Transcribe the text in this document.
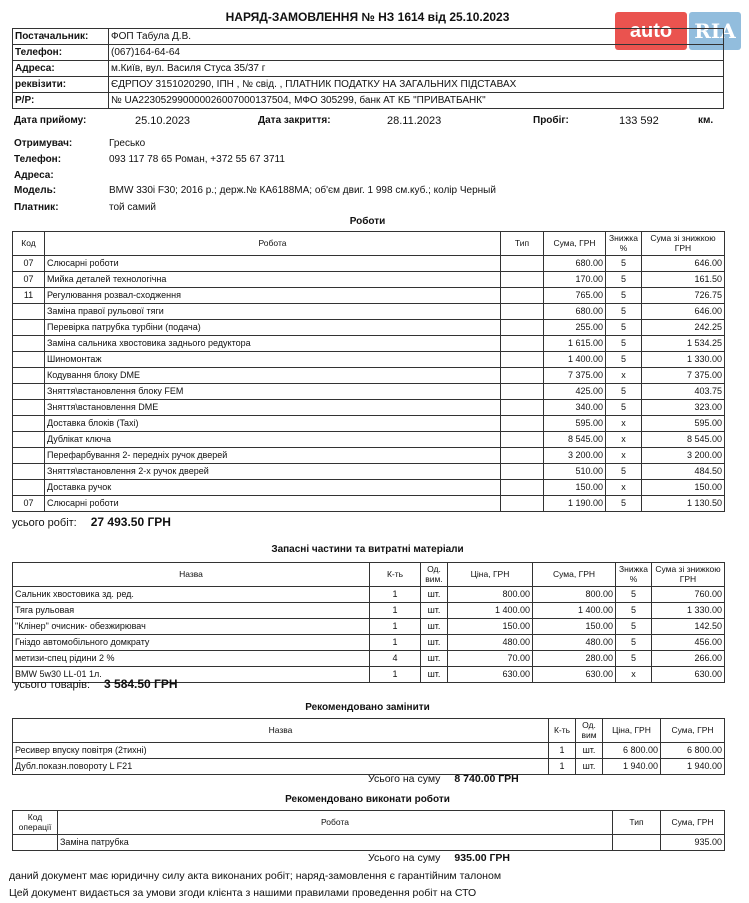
auto	RIA
НАРЯД-ЗАМОВЛЕННЯ № НЗ 1614 від 25.10.2023
Постачальник:	ФОП Табула Д.В.
Телефон:	(067)164-64-64
Адреса:	м.Київ, вул. Василя Стуса 35/37 г
реквізити:	ЄДРПОУ 3151020290, ІПН , № свід. , ПЛАТНИК ПОДАТКУ НА ЗАГАЛЬНИХ ПІДСТАВАХ
Р/Р:	№ UA223052990000026007000137504, МФО 305299, банк АТ КБ "ПРИВАТБАНК"
Дата прийому:	25.10.2023	Дата закриття:	28.11.2023	Пробіг:	133 592	км.
Отримувач:	Гресько
Телефон:	093 117 78 65 Роман, +372 55 67 3711
Адреса:
Модель:	BMW 330i F30; 2016 р.; держ.№ КА6188МА; об'єм двиг. 1 998 см.куб.; колір Черный
Платник:	той самий
Роботи
Код	Робота	Тип	Сума, ГРН	Знижка %	Сума зі знижкою ГРН
07	Слюсарні роботи		680.00	5	646.00
07	Мийка деталей технологічна		170.00	5	161.50
11	Регулювання розвал-сходження		765.00	5	726.75
	Заміна правої рульової тяги		680.00	5	646.00
	Перевірка патрубка турбіни (подача)		255.00	5	242.25
	Заміна сальника хвостовика заднього редуктора		1 615.00	5	1 534.25
	Шиномонтаж		1 400.00	5	1 330.00
	Кодування блоку DME		7 375.00	x	7 375.00
	Зняття\встановлення блоку FEM		425.00	5	403.75
	Зняття\встановлення DME		340.00	5	323.00
	Доставка блоків (Taxi)		595.00	x	595.00
	Дублікат ключа		8 545.00	x	8 545.00
	Перефарбування 2- передніх ручок дверей		3 200.00	x	3 200.00
	Зняття\встановлення 2-х ручок дверей		510.00	5	484.50
	Доставка ручок		150.00	x	150.00
07	Слюсарні роботи		1 190.00	5	1 130.50
усього робіт: 27 493.50 ГРН
Запасні частини та витратні матеріали
Назва	К-ть	Од. вим.	Ціна, ГРН	Сума, ГРН	Знижка %	Сума зі знижкою ГРН
Сальник хвостовика зд. ред.	1	шт.	800.00	800.00	5	760.00
Тяга рульовая	1	шт.	1 400.00	1 400.00	5	1 330.00
"Клінер" очисник- обезжирювач	1	шт.	150.00	150.00	5	142.50
Гніздо автомобільного домкрату	1	шт.	480.00	480.00	5	456.00
метизи-спец рідини 2 %	4	шт.	70.00	280.00	5	266.00
BMW 5w30 LL-01 1л.	1	шт.	630.00	630.00	x	630.00
усього товарів: 3 584.50 ГРН
Рекомендовано замінити
Назва	К-ть	Од. вим	Ціна, ГРН	Сума, ГРН
Ресивер впуску повітря (2тихні)	1	шт.	6 800.00	6 800.00
Дубл.показн.повороту L F21	1	шт.	1 940.00	1 940.00
Усього на суму 8 740.00 ГРН
Рекомендовано виконати роботи
Код операції	Робота	Тип	Сума, ГРН
	Заміна патрубка		935.00
Усього на суму 935.00 ГРН
даний документ має юридичну силу акта виконаних робіт; наряд-замовлення є гарантійним талоном
Цей документ видається за умови згоди клієнта з нашими правилами проведення робіт на СТО
